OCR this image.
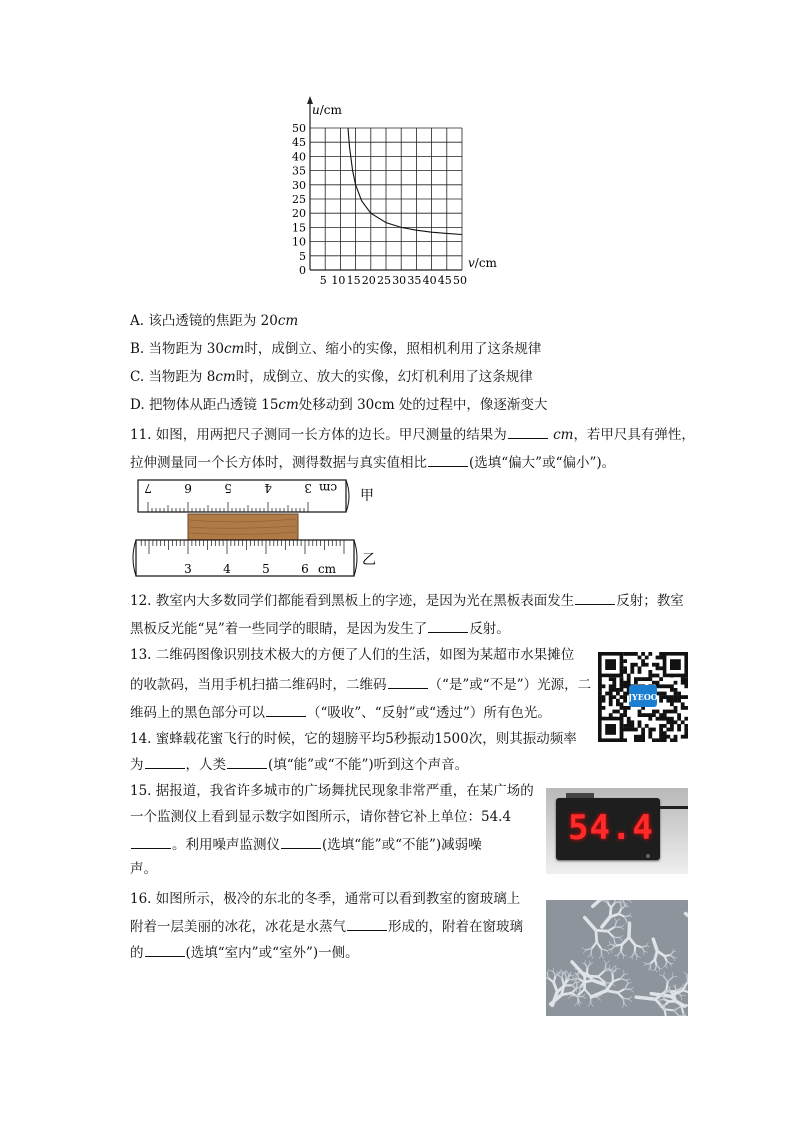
u/cm
v/cm
50
45
40
35
30
25
20
15
10
5
0
5 10 15 20 25 30 35 40 45 50
A. 该凸透镜的焦距为 20cm
B. 当物距为 30cm时，成倒立、缩小的实像，照相机利用了这条规律
C. 当物距为 8cm时，成倒立、放大的实像，幻灯机利用了这条规律
D. 把物体从距凸透镜 15cm处移动到 30cm 处的过程中，像逐渐变大
11. 如图，用两把尺子测同一长方体的边长。甲尺测量的结果为	cm，若甲尺具有弹性，
拉伸测量同一个长方体时，测得数据与真实值相比	(选填“偏大”或“偏小”)。
7	6	5	4	3 cm
3	4	5	6 cm
甲
乙
12. 教室内大多数同学们都能看到黑板上的字迹，是因为光在黑板表面发生	反射；教室
黑板反光能“晃”着一些同学的眼睛，是因为发生了	反射。
13. 二维码图像识别技术极大的方便了人们的生活，如图为某超市水果摊位
的收款码，当用手机扫描二维码时，二维码	（“是”或“不是”）光源，二
维码上的黑色部分可以	（“吸收”、“反射”或“透过”）所有色光。
JYEOO
14. 蜜蜂载花蜜飞行的时候，它的翅膀平均5秒振动1500次，则其振动频率
为	，人类	(填“能”或“不能”)听到这个声音。
15. 据报道，我省许多城市的广场舞扰民现象非常严重，在某广场的
一个监测仪上看到显示数字如图所示，请你替它补上单位：54.4
。利用噪声监测仪	(选填“能”或“不能”)减弱噪
声。
54.4
16. 如图所示，极冷的东北的冬季，通常可以看到教室的窗玻璃上
附着一层美丽的冰花，冰花是水蒸气	形成的，附着在窗玻璃
的	(选填“室内”或“室外”)一侧。
